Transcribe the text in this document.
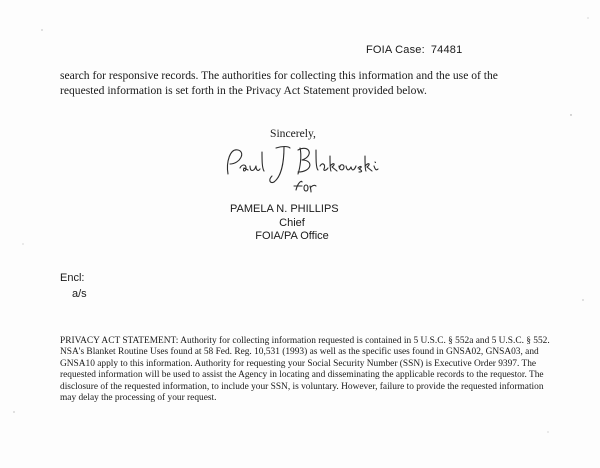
FOIA Case: 74481

search for responsive records. The authorities for collecting this information and the use of the requested information is set forth in the Privacy Act Statement provided below.

Sincerely,
PAMELA N. PHILLIPS
Chief
FOIA/PA Office
Encl:
a/s

PRIVACY ACT STATEMENT: Authority for collecting information requested is contained in 5 U.S.C. § 552a and 5 U.S.C. § 552. NSA's Blanket Routine Uses found at 58 Fed. Reg. 10,531 (1993) as well as the specific uses found in GNSA02, GNSA03, and GNSA10 apply to this information. Authority for requesting your Social Security Number (SSN) is Executive Order 9397. The requested information will be used to assist the Agency in locating and disseminating the applicable records to the requestor. The disclosure of the requested information, to include your SSN, is voluntary. However, failure to provide the requested information may delay the processing of your request.
